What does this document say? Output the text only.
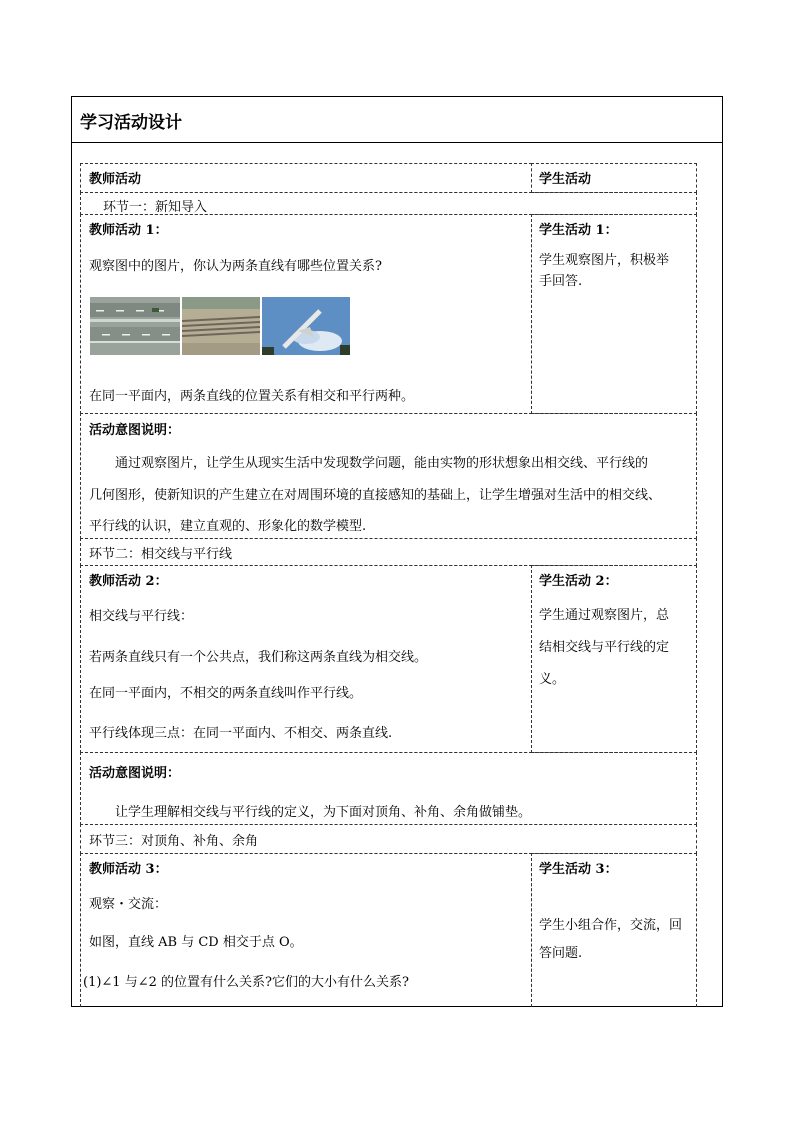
学习活动设计
教师活动	学生活动
环节一：新知导入
教师活动 1：
观察图中的图片，你认为两条直线有哪些位置关系?
在同一平面内，两条直线的位置关系有相交和平行两种。
学生活动 1：
学生观察图片，积极举
手回答.
活动意图说明：
通过观察图片，让学生从现实生活中发现数学问题，能由实物的形状想象出相交线、平行线的
几何图形，使新知识的产生建立在对周围环境的直接感知的基础上，让学生增强对生活中的相交线、
平行线的认识，建立直观的、形象化的数学模型.
环节二：相交线与平行线
教师活动 2：
相交线与平行线：
若两条直线只有一个公共点，我们称这两条直线为相交线。
在同一平面内，不相交的两条直线叫作平行线。
平行线体现三点：在同一平面内、不相交、两条直线.
学生活动 2：
学生通过观察图片，总
结相交线与平行线的定
义。
活动意图说明：
让学生理解相交线与平行线的定义，为下面对顶角、补角、余角做铺垫。
环节三：对顶角、补角、余角
教师活动 3：
观察・交流：
如图，直线 AB 与 CD 相交于点 O。
(1)∠1 与∠2 的位置有什么关系?它们的大小有什么关系?
学生活动 3：
学生小组合作，交流，回
答问题.
